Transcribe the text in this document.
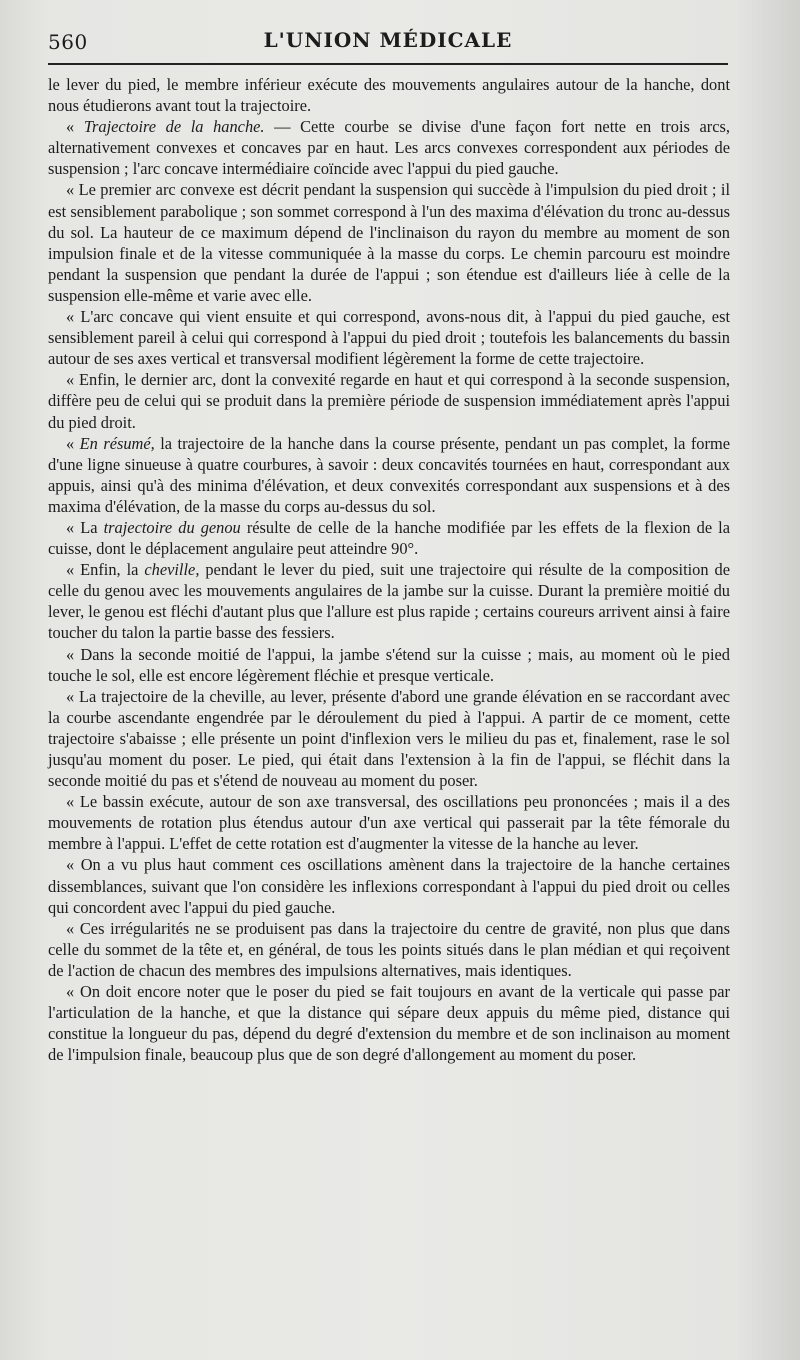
560	L'UNION MÉDICALE

le lever du pied, le membre inférieur exécute des mouvements angulaires autour de la hanche, dont nous étudierons avant tout la trajectoire.

« Trajectoire de la hanche. — Cette courbe se divise d'une façon fort nette en trois arcs, alternativement convexes et concaves par en haut. Les arcs convexes correspondent aux périodes de suspension ; l'arc concave intermédiaire coïncide avec l'appui du pied gauche.

« Le premier arc convexe est décrit pendant la suspension qui succède à l'impulsion du pied droit ; il est sensiblement parabolique ; son sommet correspond à l'un des maxima d'élévation du tronc au-dessus du sol. La hauteur de ce maximum dépend de l'inclinaison du rayon du membre au moment de son impulsion finale et de la vitesse communiquée à la masse du corps. Le chemin parcouru est moindre pendant la suspension que pendant la durée de l'appui ; son étendue est d'ailleurs liée à celle de la suspension elle-même et varie avec elle.

« L'arc concave qui vient ensuite et qui correspond, avons-nous dit, à l'appui du pied gauche, est sensiblement pareil à celui qui correspond à l'appui du pied droit ; toutefois les balancements du bassin autour de ses axes vertical et transversal modifient légèrement la forme de cette trajectoire.

« Enfin, le dernier arc, dont la convexité regarde en haut et qui correspond à la seconde suspension, diffère peu de celui qui se produit dans la première période de suspension immédiatement après l'appui du pied droit.

« En résumé, la trajectoire de la hanche dans la course présente, pendant un pas complet, la forme d'une ligne sinueuse à quatre courbures, à savoir : deux concavités tournées en haut, correspondant aux appuis, ainsi qu'à des minima d'élévation, et deux convexités correspondant aux suspensions et à des maxima d'élévation, de la masse du corps au-dessus du sol.

« La trajectoire du genou résulte de celle de la hanche modifiée par les effets de la flexion de la cuisse, dont le déplacement angulaire peut atteindre 90°.

« Enfin, la cheville, pendant le lever du pied, suit une trajectoire qui résulte de la composition de celle du genou avec les mouvements angulaires de la jambe sur la cuisse. Durant la première moitié du lever, le genou est fléchi d'autant plus que l'allure est plus rapide ; certains coureurs arrivent ainsi à faire toucher du talon la partie basse des fessiers.

« Dans la seconde moitié de l'appui, la jambe s'étend sur la cuisse ; mais, au moment où le pied touche le sol, elle est encore légèrement fléchie et presque verticale.

« La trajectoire de la cheville, au lever, présente d'abord une grande élévation en se raccordant avec la courbe ascendante engendrée par le déroulement du pied à l'appui. A partir de ce moment, cette trajectoire s'abaisse ; elle présente un point d'inflexion vers le milieu du pas et, finalement, rase le sol jusqu'au moment du poser. Le pied, qui était dans l'extension à la fin de l'appui, se fléchit dans la seconde moitié du pas et s'étend de nouveau au moment du poser.

« Le bassin exécute, autour de son axe transversal, des oscillations peu prononcées ; mais il a des mouvements de rotation plus étendus autour d'un axe vertical qui passerait par la tête fémorale du membre à l'appui. L'effet de cette rotation est d'augmenter la vitesse de la hanche au lever.

« On a vu plus haut comment ces oscillations amènent dans la trajectoire de la hanche certaines dissemblances, suivant que l'on considère les inflexions correspondant à l'appui du pied droit ou celles qui concordent avec l'appui du pied gauche.

« Ces irrégularités ne se produisent pas dans la trajectoire du centre de gravité, non plus que dans celle du sommet de la tête et, en général, de tous les points situés dans le plan médian et qui reçoivent de l'action de chacun des membres des impulsions alternatives, mais identiques.

« On doit encore noter que le poser du pied se fait toujours en avant de la verticale qui passe par l'articulation de la hanche, et que la distance qui sépare deux appuis du même pied, distance qui constitue la longueur du pas, dépend du degré d'extension du membre et de son inclinaison au moment de l'impulsion finale, beaucoup plus que de son degré d'allongement au moment du poser.
